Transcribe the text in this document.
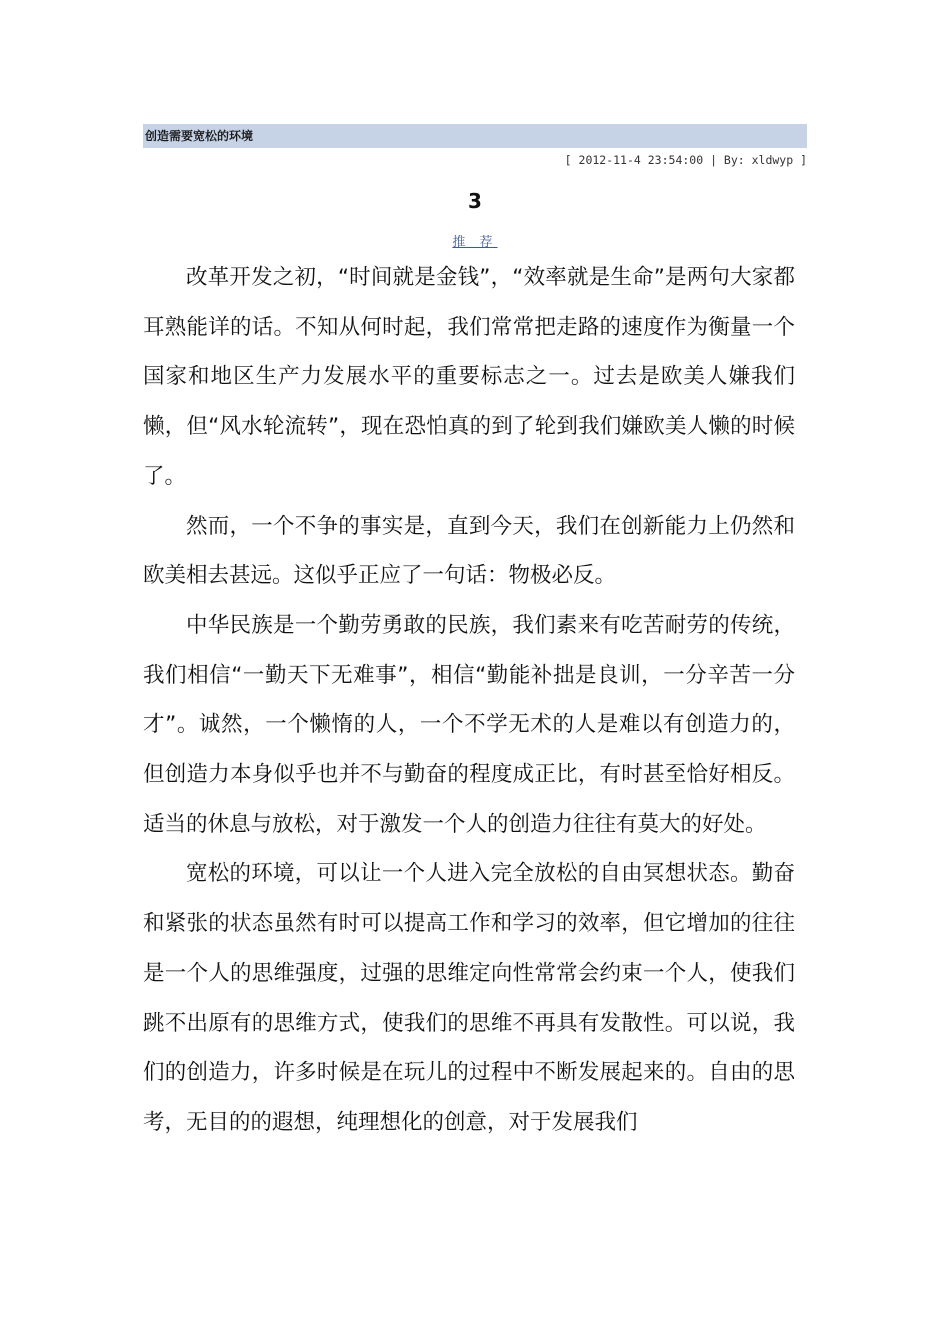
创造需要宽松的环境
[ 2012-11-4 23:54:00 | By: xldwyp ]
3
推 荐

改革开发之初，“时间就是金钱”，“效率就是生命”是两句大家都耳熟能详的话。不知从何时起，我们常常把走路的速度作为衡量一个国家和地区生产力发展水平的重要标志之一。过去是欧美人嫌我们懒，但“风水轮流转”，现在恐怕真的到了轮到我们嫌欧美人懒的时候了。

然而，一个不争的事实是，直到今天，我们在创新能力上仍然和欧美相去甚远。这似乎正应了一句话：物极必反。

中华民族是一个勤劳勇敢的民族，我们素来有吃苦耐劳的传统，我们相信“一勤天下无难事”，相信“勤能补拙是良训，一分辛苦一分才”。诚然，一个懒惰的人，一个不学无术的人是难以有创造力的，但创造力本身似乎也并不与勤奋的程度成正比，有时甚至恰好相反。适当的休息与放松，对于激发一个人的创造力往往有莫大的好处。

宽松的环境，可以让一个人进入完全放松的自由冥想状态。勤奋和紧张的状态虽然有时可以提高工作和学习的效率，但它增加的往往是一个人的思维强度，过强的思维定向性常常会约束一个人，使我们跳不出原有的思维方式，使我们的思维不再具有发散性。可以说，我们的创造力，许多时候是在玩儿的过程中不断发展起来的。自由的思考，无目的的遐想，纯理想化的创意，对于发展我们
